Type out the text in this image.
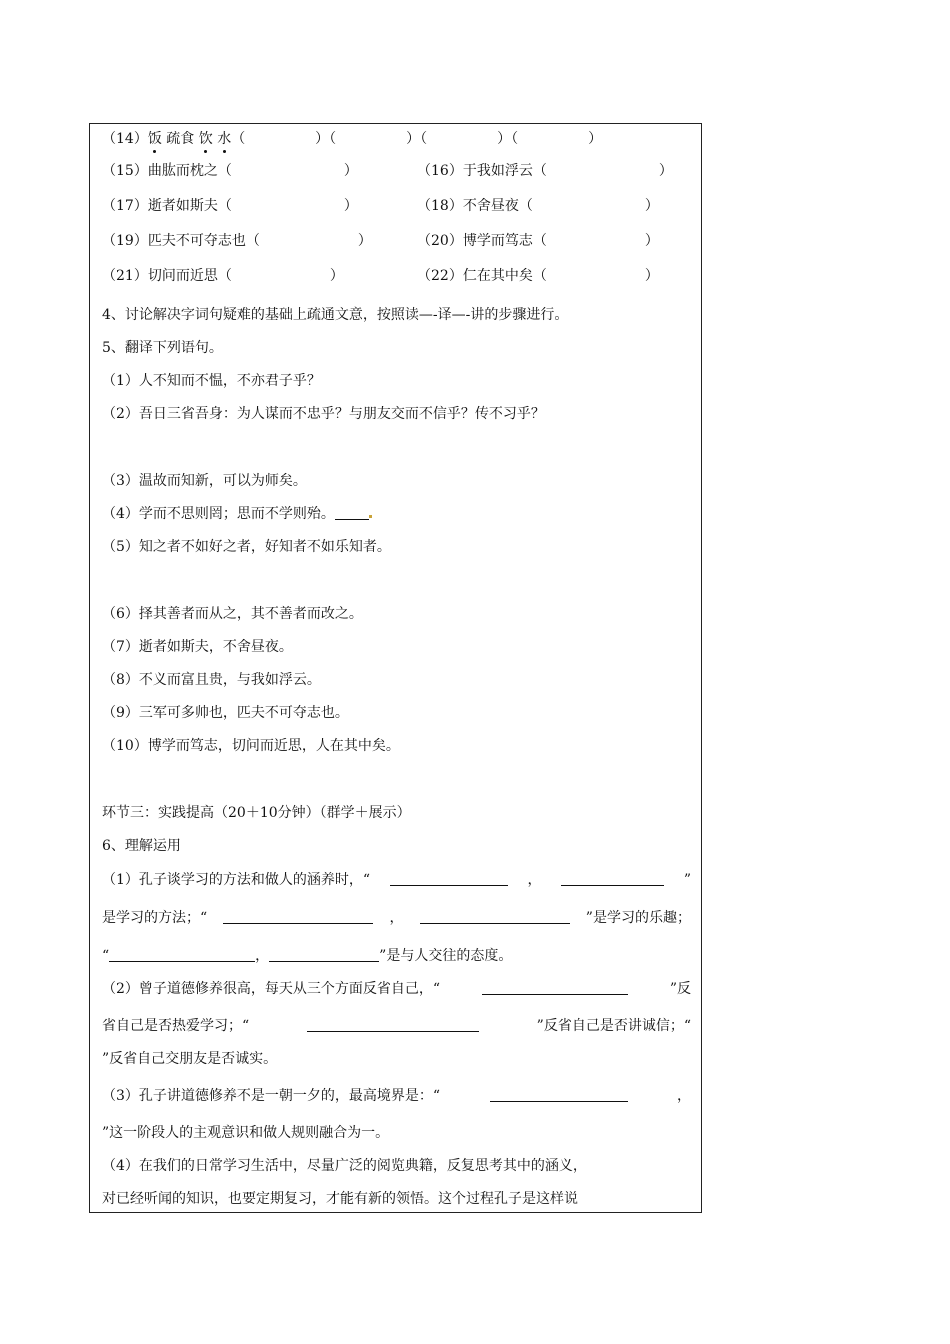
（14）饭 疏食 饮 水（　　　　　）（　　　　　）（　　　　　）（　　　　　）
（15）曲肱而枕之（　　　　　　　　）	（16）于我如浮云（　　　　　　　　）
（17）逝者如斯夫（　　　　　　　　）	（18）不舍昼夜（　　　　　　　　）
（19）匹夫不可夺志也（　　　　　　　）	（20）博学而笃志（　　　　　　　）
（21）切问而近思（　　　　　　　）	（22）仁在其中矣（　　　　　　　）
4、讨论解决字词句疑难的基础上疏通文意，按照读—-译—-讲的步骤进行。
5、翻译下列语句。
（1）人不知而不愠，不亦君子乎？
（2）吾日三省吾身：为人谋而不忠乎？与朋友交而不信乎？传不习乎？
（3）温故而知新，可以为师矣。
（4）学而不思则罔；思而不学则殆。
（5）知之者不如好之者，好知者不如乐知者。
（6）择其善者而从之，其不善者而改之。
（7）逝者如斯夫，不舍昼夜。
（8）不义而富且贵，与我如浮云。
（9）三军可多帅也，匹夫不可夺志也。
（10）博学而笃志，切问而近思，人在其中矣。
环节三：实践提高（20＋10分钟）（群学＋展示）
6、理解运用
（1）孔子谈学习的方法和做人的涵养时，“	，	”
是学习的方法；“	，	”是学习的乐趣；
“	，	”是与人交往的态度。
（2）曾子道德修养很高，每天从三个方面反省自己，“	”反
省自己是否热爱学习；“	”反省自己是否讲诚信；“
”反省自己交朋友是否诚实。
（3）孔子讲道德修养不是一朝一夕的，最高境界是：“	，
”这一阶段人的主观意识和做人规则融合为一。
（4）在我们的日常学习生活中，尽量广泛的阅览典籍，反复思考其中的涵义，
对已经听闻的知识，也要定期复习，才能有新的领悟。这个过程孔子是这样说
